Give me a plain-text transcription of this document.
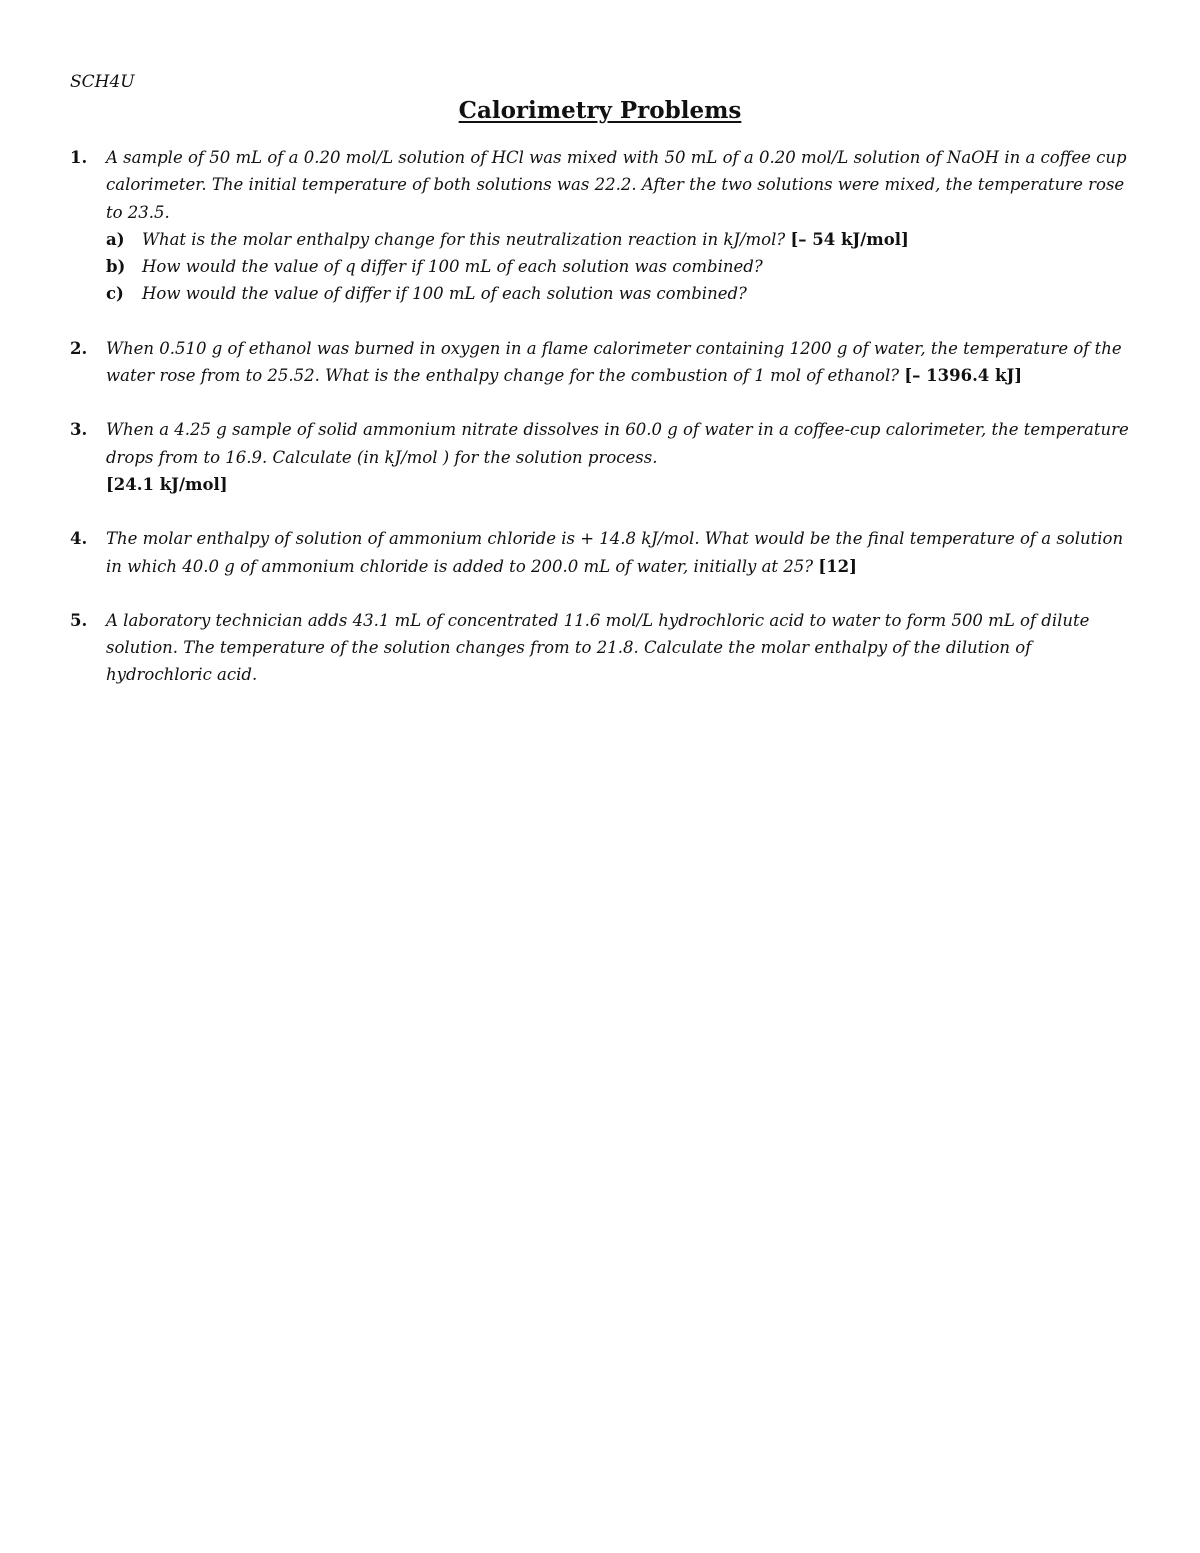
SCH4U
Calorimetry Problems
1. A sample of 50 mL of a 0.20 mol/L solution of HCl was mixed with 50 mL of a 0.20 mol/L solution of NaOH in a coffee cup calorimeter. The initial temperature of both solutions was 22.2. After the two solutions were mixed, the temperature rose to 23.5.
a) What is the molar enthalpy change for this neutralization reaction in kJ/mol? [– 54 kJ/mol]
b) How would the value of q differ if 100 mL of each solution was combined?
c) How would the value of differ if 100 mL of each solution was combined?
2. When 0.510 g of ethanol was burned in oxygen in a flame calorimeter containing 1200 g of water, the temperature of the water rose from to 25.52. What is the enthalpy change for the combustion of 1 mol of ethanol? [– 1396.4 kJ]
3. When a 4.25 g sample of solid ammonium nitrate dissolves in 60.0 g of water in a coffee-cup calorimeter, the temperature drops from to 16.9. Calculate (in kJ/mol ) for the solution process.
[24.1 kJ/mol]
4. The molar enthalpy of solution of ammonium chloride is + 14.8 kJ/mol. What would be the final temperature of a solution in which 40.0 g of ammonium chloride is added to 200.0 mL of water, initially at 25? [12]
5. A laboratory technician adds 43.1 mL of concentrated 11.6 mol/L hydrochloric acid to water to form 500 mL of dilute solution. The temperature of the solution changes from to 21.8. Calculate the molar enthalpy of the dilution of hydrochloric acid.
